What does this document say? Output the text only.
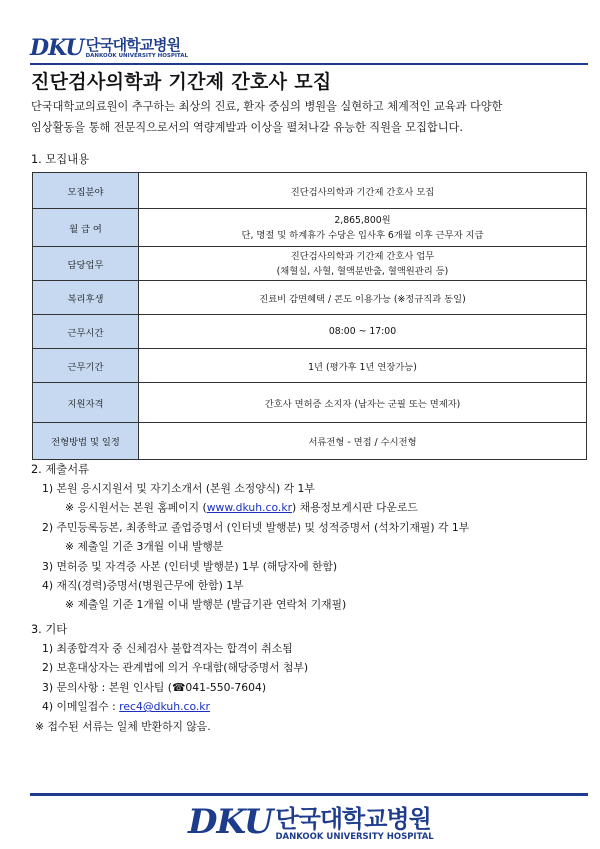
DKU 단국대학교병원
DANKOOK UNIVERSITY HOSPITAL
진단검사의학과 기간제 간호사 모집
단국대학교의료원이 추구하는 최상의 진료, 환자 중심의 병원을 실현하고 체계적인 교육과 다양한
임상활동을 통해 전문직으로서의 역량계발과 이상을 펼쳐나갈 유능한 직원을 모집합니다.
1. 모집내용
모집분야	진단검사의학과 기간제 간호사 모집

월 급 여	2,865,800원
단, 명절 및 하계휴가 수당은 입사후 6개월 이후 근무자 지급

담당업무	진단검사의학과 기간제 간호사 업무
(채혈실, 사혈, 혈액분반출, 혈액원관리 등)

복리후생	진료비 감면혜택 / 콘도 이용가능 (※정규직과 동일)

근무시간	08:00 ~ 17:00

근무기간	1년 (평가후 1년 연장가능)

지원자격	간호사 면허증 소지자 (남자는 군필 또는 면제자)

전형방법 및 일정	서류전형 - 면접 / 수시전형
2. 제출서류
1) 본원 응시지원서 및 자기소개서 (본원 소정양식) 각 1부
※ 응시원서는 본원 홈페이지 (www.dkuh.co.kr) 채용정보게시판 다운로드
2) 주민등록등본, 최종학교 졸업증명서 (인터넷 발행분) 및 성적증명서 (석차기재필) 각 1부
※ 제출일 기준 3개월 이내 발행분
3) 면허증 및 자격증 사본 (인터넷 발행분) 1부 (해당자에 한함)
4) 재직(경력)증명서(병원근무에 한함) 1부
※ 제출일 기준 1개월 이내 발행분 (발급기관 연락처 기재필)
3. 기타
1) 최종합격자 중 신체검사 불합격자는 합격이 취소됨
2) 보훈대상자는 관계법에 의거 우대함(해당증명서 첨부)
3) 문의사항 : 본원 인사팀 (☎041-550-7604)
4) 이메일접수 : rec4@dkuh.co.kr
※ 접수된 서류는 일체 반환하지 않음.
DKU 단국대학교병원
DANKOOK UNIVERSITY HOSPITAL
